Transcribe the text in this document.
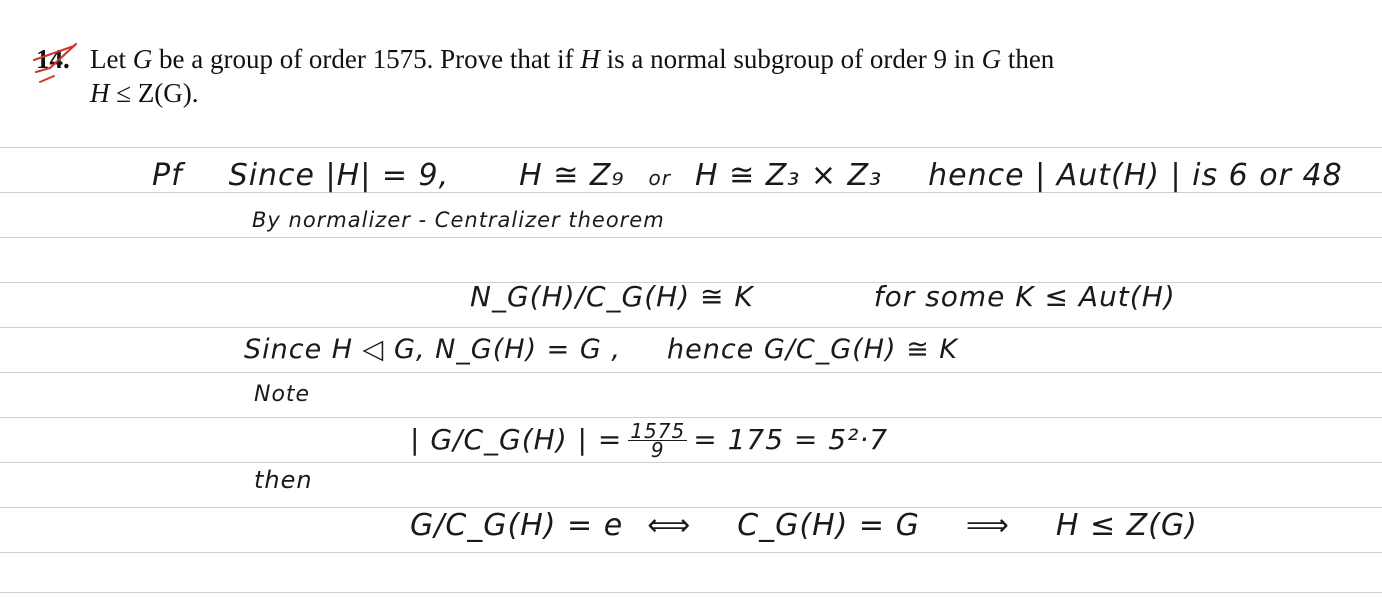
14. Let G be a group of order 1575. Prove that if H is a normal subgroup of order 9 in G then
H ≤ Z(G).
Pf Since |H| = 9, H ≅ Z₉ or H ≅ Z₃ × Z₃ hence | Aut(H) | is 6 or 48
By normalizer - Centralizer theorem
N_G(H)/C_G(H) ≅ K	for some K ≤ Aut(H)
Since H ◁ G, N_G(H) = G , hence G/C_G(H) ≅ K
Note
| G/C_G(H) | = $\frac{1575}{9} = 175 = 5^2\cdot 7$
then
G/C_G(H) = e ⟺ C_G(H) = G ⟹ H ≤ Z(G)
